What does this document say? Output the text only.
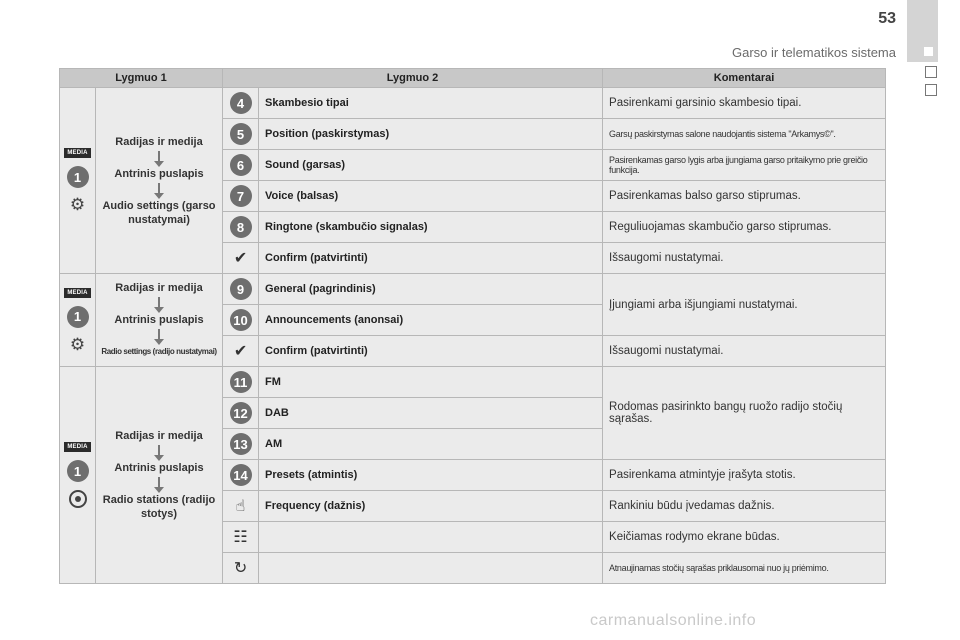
53
Garso ir telematikos sistema
Lygmuo 1		Lygmuo 2		Komentarai

MEDIA
1
⚙	Radijas ir medija
Antrinis puslapis
Audio settings (garso nustatymai)	4	Skambesio tipai	Pasirenkami garsinio skambesio tipai.
		5	Position (paskirstymas)	Garsų paskirstymas salone naudojantis sistema "Arkamys©".
		6	Sound (garsas)	Pasirenkamas garso lygis arba įjungiama garso pritaikymo prie greičio funkcija.
		7	Voice (balsas)	Pasirenkamas balso garso stiprumas.
		8	Ringtone (skambučio signalas)	Reguliuojamas skambučio garso stiprumas.
		✔	Confirm (patvirtinti)	Išsaugomi nustatymai.

MEDIA
1
⚙	Radijas ir medija
Antrinis puslapis
Radio settings (radijo nustatymai)	9	General (pagrindinis)	Įjungiami arba išjungiami nustatymai.
		10	Announcements (anonsai)	
		✔	Confirm (patvirtinti)	Išsaugomi nustatymai.

MEDIA
1	Radijas ir medija
Antrinis puslapis
Radio stations (radijo stotys)	11	FM	Rodomas pasirinkto bangų ruožo radijo stočių sąrašas.
		12	DAB	
		13	AM	
		14	Presets (atmintis)	Pasirenkama atmintyje įrašyta stotis.
		☝	Frequency (dažnis)	Rankiniu būdu įvedamas dažnis.
		☷		Keičiamas rodymo ekrane būdas.
		↻		Atnaujinamas stočių sąrašas priklausomai nuo jų priėmimo.
carmanualsonline.info
